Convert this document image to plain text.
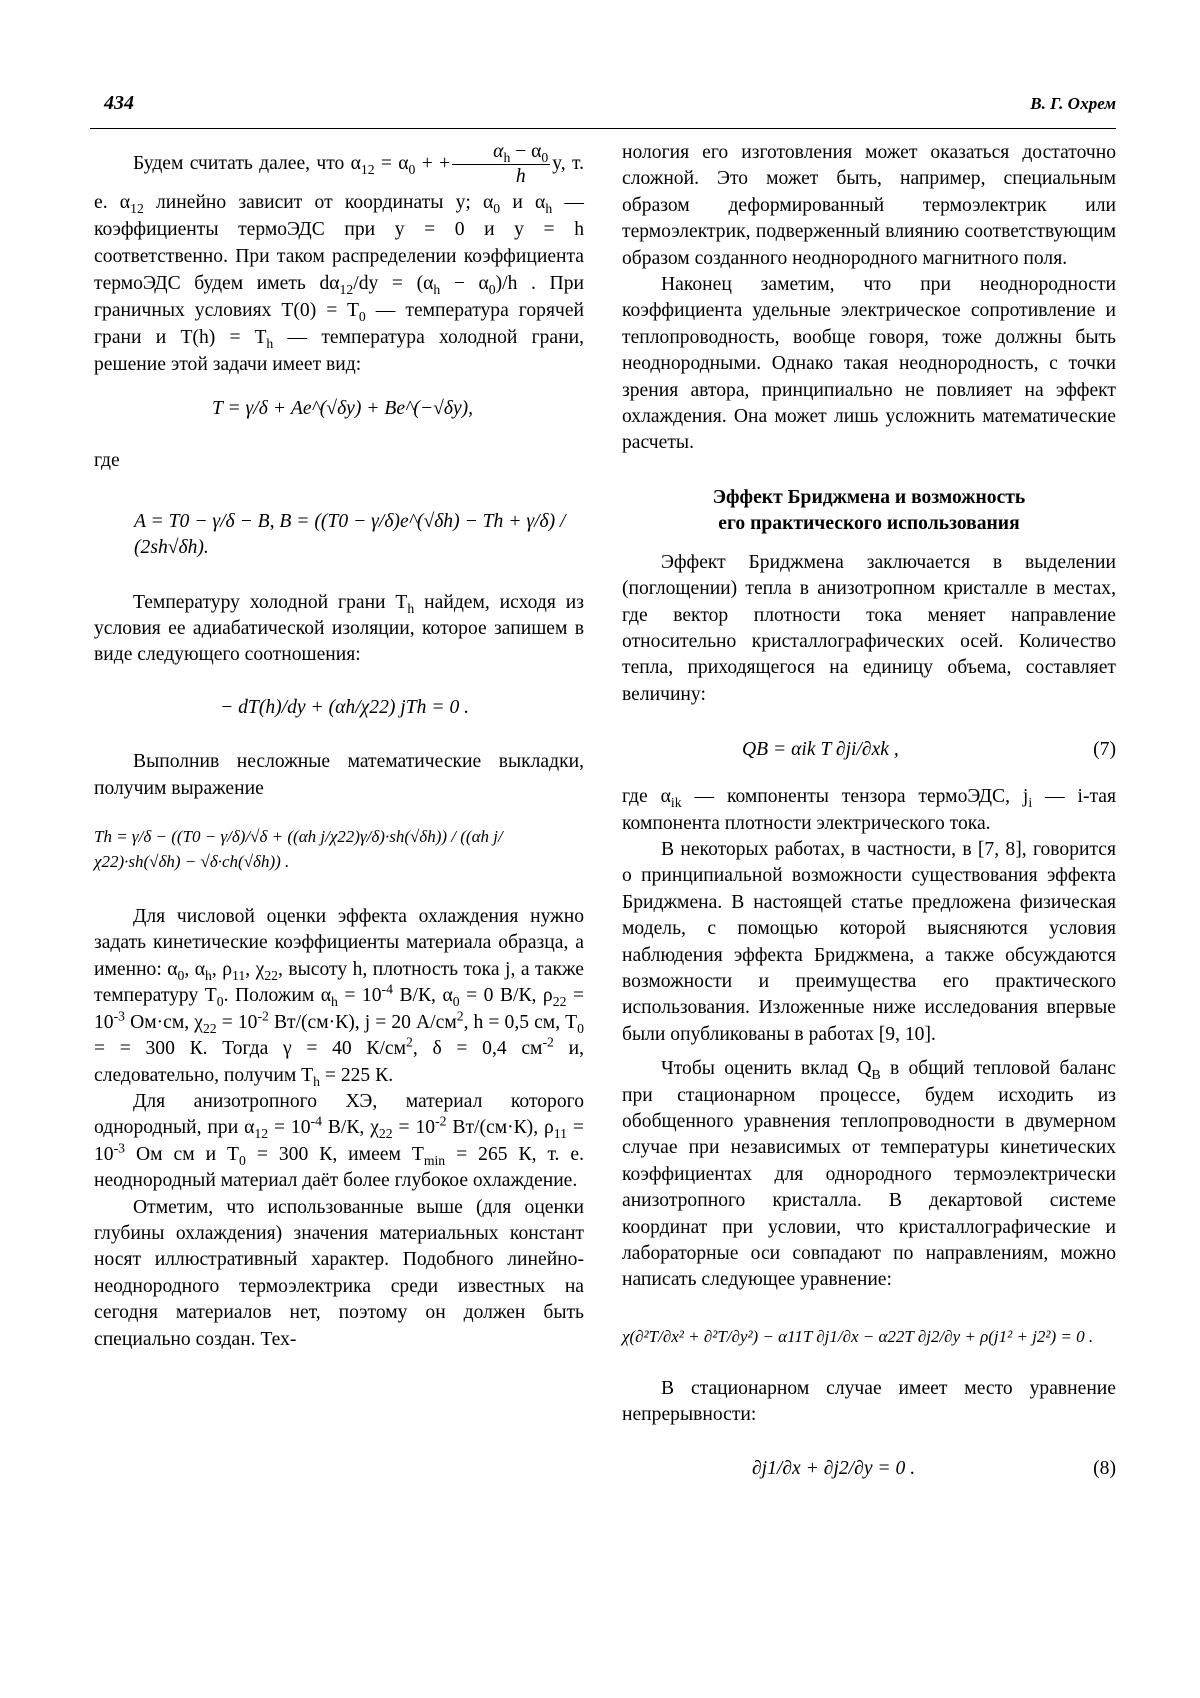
434	В. Г. Охрем

Будем считать далее, что $\alpha_{12} = \alpha_0$ + + $\frac{\alpha_h - \alpha_0}{h} y$, т. е. $\alpha_{12}$ линейно зависит от координаты y; $\alpha_0$ и $\alpha_h$ — коэффициенты термоЭДС при y = 0 и y = h соответственно. При таком распределении коэффициента термоЭДС будем иметь $d\alpha_{12}/dy = (\alpha_h - \alpha_0)/h$ . При граничных условиях $T(0) = T_0$ — температура горячей грани и $T(h) = T_h$ — температура холодной грани, решение этой задачи имеет вид:

T = γ/δ + Ae^(√δy) + Be^(−√δy),

где

A = T0 − γ/δ − B, B = ((T0 − γ/δ)e^(√δh) − Th + γ/δ) / (2sh√δh).

Температуру холодной грани $T_h$ найдем, исходя из условия ее адиабатической изоляции, которое запишем в виде следующего соотношения:

− dT(h)/dy + (αh/χ22) jTh = 0 .

Выполнив несложные математические выкладки, получим выражение

Th = γ/δ − ((T0 − γ/δ)/√δ + ((αh j/χ22)γ/δ)·sh(√δh)) / ((αh j/χ22)·sh(√δh) − √δ·ch(√δh)) .

Для числовой оценки эффекта охлаждения нужно задать кинетические коэффициенты материала образца, а именно: $\alpha_0$, $\alpha_h$, $\rho_{11}$, $\chi_{22}$, высоту h, плотность тока j, а также температуру $T_0$. Положим $\alpha_h = 10^{-4}$ В/К, $\alpha_0 = 0$ В/К, $\rho_{22} = 10^{-3}$ Ом·см, $\chi_{22} = 10^{-2}$ Вт/(см·К), j = 20 $А/см^2$, h = 0,5 см, $T_0$ = = 300 К. Тогда γ = 40 $К/см^2$, δ = 0,4 $см^{-2}$ и, следовательно, получим $T_h = 225$ К.

Для анизотропного ХЭ, материал которого однородный, при $\alpha_{12} = 10^{-4}$ В/К, $\chi_{22} = 10^{-2}$ Вт/(см·К), $\rho_{11} = 10^{-3}$ Ом см и $T_0 = 300$ К, имеем $T_{min} = 265$ К, т. е. неоднородный материал даёт более глубокое охлаждение.

Отметим, что использованные выше (для оценки глубины охлаждения) значения материальных констант носят иллюстративный характер. Подобного линейно-неоднородного термоэлектрика среди известных на сегодня материалов нет, поэтому он должен быть специально создан. Тех-

нология его изготовления может оказаться достаточно сложной. Это может быть, например, специальным образом деформированный термоэлектрик или термоэлектрик, подверженный влиянию соответствующим образом созданного неоднородного магнитного поля.

Наконец заметим, что при неоднородности коэффициента удельные электрическое сопротивление и теплопроводность, вообще говоря, тоже должны быть неоднородными. Однако такая неоднородность, с точки зрения автора, принципиально не повлияет на эффект охлаждения. Она может лишь усложнить математические расчеты.

Эффект Бриджмена и возможность

его практического использования

Эффект Бриджмена заключается в выделении (поглощении) тепла в анизотропном кристалле в местах, где вектор плотности тока меняет направление относительно кристаллографических осей. Количество тепла, приходящегося на единицу объема, составляет величину:

QB = αik T ∂ji/∂xk ,	(7)

где $\alpha_{ik}$ — компоненты тензора термоЭДС, $j_i$ — i-тая компонента плотности электрического тока.

В некоторых работах, в частности, в [7, 8], говорится о принципиальной возможности существования эффекта Бриджмена. В настоящей статье предложена физическая модель, с помощью которой выясняются условия наблюдения эффекта Бриджмена, а также обсуждаются возможности и преимущества его практического использования. Изложенные ниже исследования впервые были опубликованы в работах [9, 10].

Чтобы оценить вклад $Q_B$ в общий тепловой баланс при стационарном процессе, будем исходить из обобщенного уравнения теплопроводности в двумерном случае при независимых от температуры кинетических коэффициентах для однородного термоэлектрически анизотропного кристалла. В декартовой системе координат при условии, что кристаллографические и лабораторные оси совпадают по направлениям, можно написать следующее уравнение:

χ(∂²T/∂x² + ∂²T/∂y²) − α11T ∂j1/∂x − α22T ∂j2/∂y + ρ(j1² + j2²) = 0 .

В стационарном случае имеет место уравнение непрерывности:

∂j1/∂x + ∂j2/∂y = 0 .	(8)
